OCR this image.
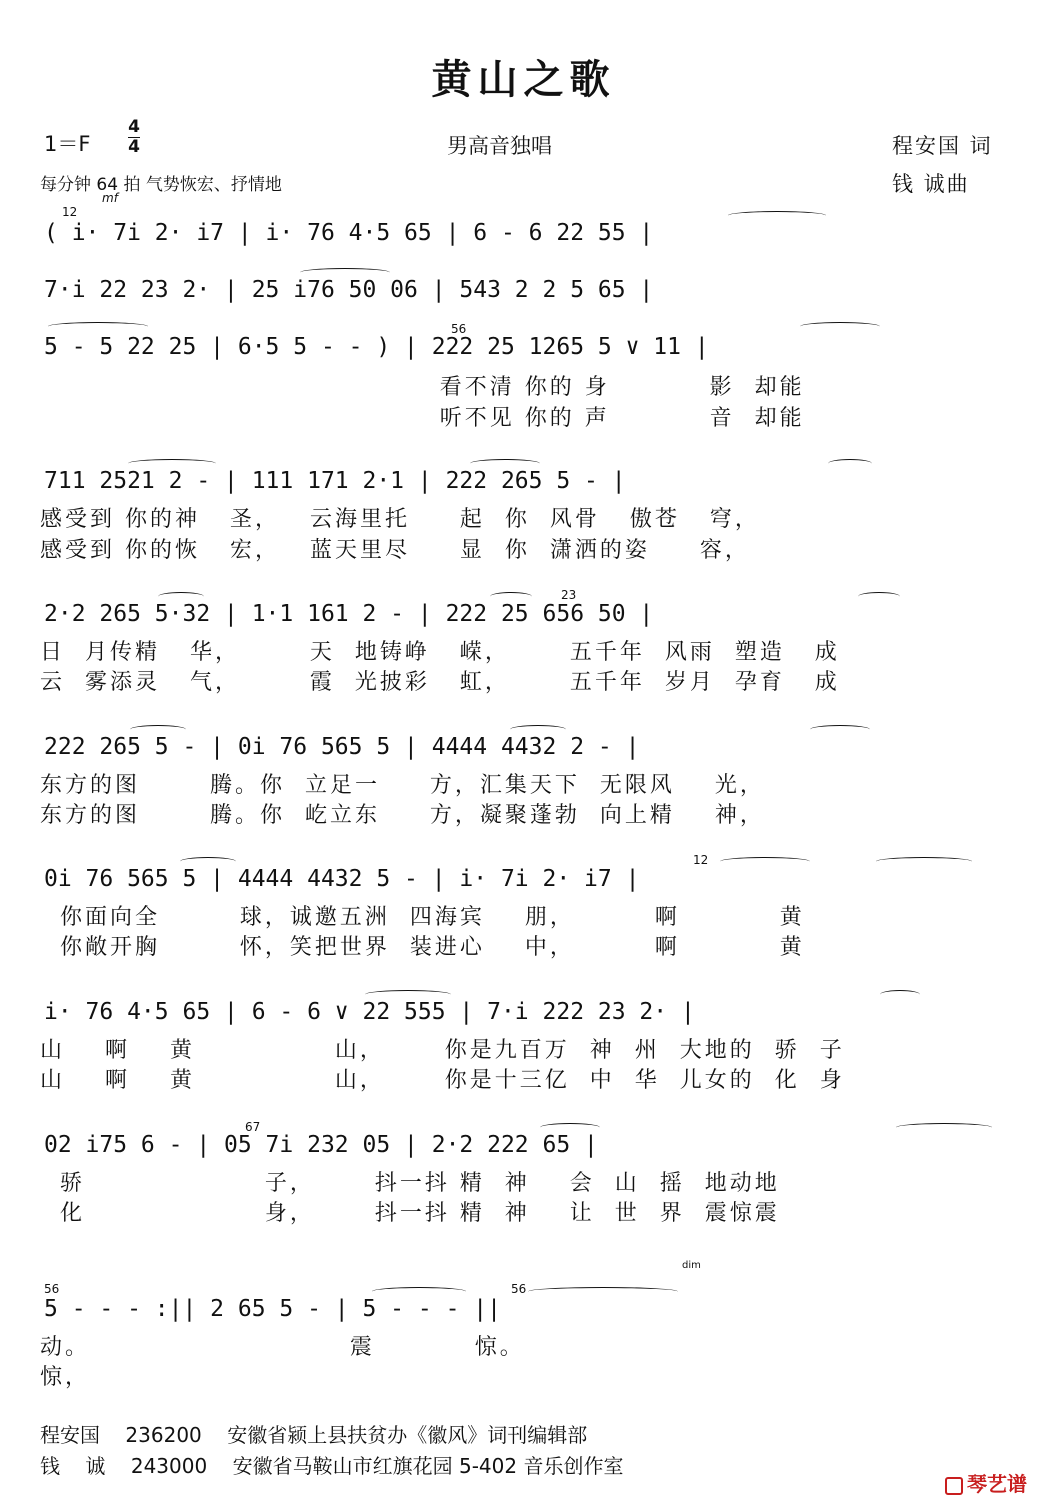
黄山之歌
1＝F
4
4	男高音独唱	程安国 词
每分钟 64 拍 气势恢宏、抒情地	钱 诚曲
mf
dim
12
56
23
12
67
56	56
( i· 7i 2· i7 | i· 76 4·5 65 | 6 - 6 22 55 |
7·i 22 23 2· | 25 i76 50 06 | 543 2 2 5 65 |
5 - 5 22 25 | 6·5 5 - - ) | 222 25 1265 5 ∨ 11 |
看不清 你的 身          影  却能
听不见 你的 声          音  却能
711 2521 2 - | 111 171 2·1 | 222 265 5 - |
感受到 你的神   圣，   云海里托     起  你  风骨   傲苍   穹，
感受到 你的恢   宏，   蓝天里尽     显  你  潇洒的姿     容，
2·2 265 5·32 | 1·1 161 2 - | 222 25 656 50 |
日  月传精   华，       天  地铸峥   嵘，      五千年  风雨  塑造   成
云  雾添灵   气，       霞  光披彩   虹，      五千年  岁月  孕育   成
222 265 5 - | 0i 76 565 5 | 4444 4432 2 - |
东方的图       腾。你  立足一     方，汇集天下  无限风    光，
东方的图       腾。你  屹立东     方，凝聚蓬勃  向上精    神，
0i 76 565 5 | 4444 4432 5 - | i· 7i 2· i7 |
你面向全        球，诚邀五洲  四海宾    朋，        啊          黄
你敞开胸        怀，笑把世界  装进心    中，        啊          黄
i· 76 4·5 65 | 6 - 6 ∨ 22 555 | 7·i 222 23 2· |
山    啊    黄              山，      你是九百万  神  州  大地的  骄  子
山    啊    黄              山，      你是十三亿  中  华  儿女的  化  身
02 i75 6 - | 05 7i 232 05 | 2·2 222 65 |
骄                  子，      抖一抖 精  神    会  山  摇  地动地
化                  身，      抖一抖 精  神    让  世  界  震惊震
5 - - - :|| 2 65 5 - | 5 - - - ||
动。                          震          惊。
惊，
程安国    236200    安徽省颍上县扶贫办《徽风》词刊编辑部
钱    诚    243000    安徽省马鞍山市红旗花园 5-402 音乐创作室
琴艺谱
